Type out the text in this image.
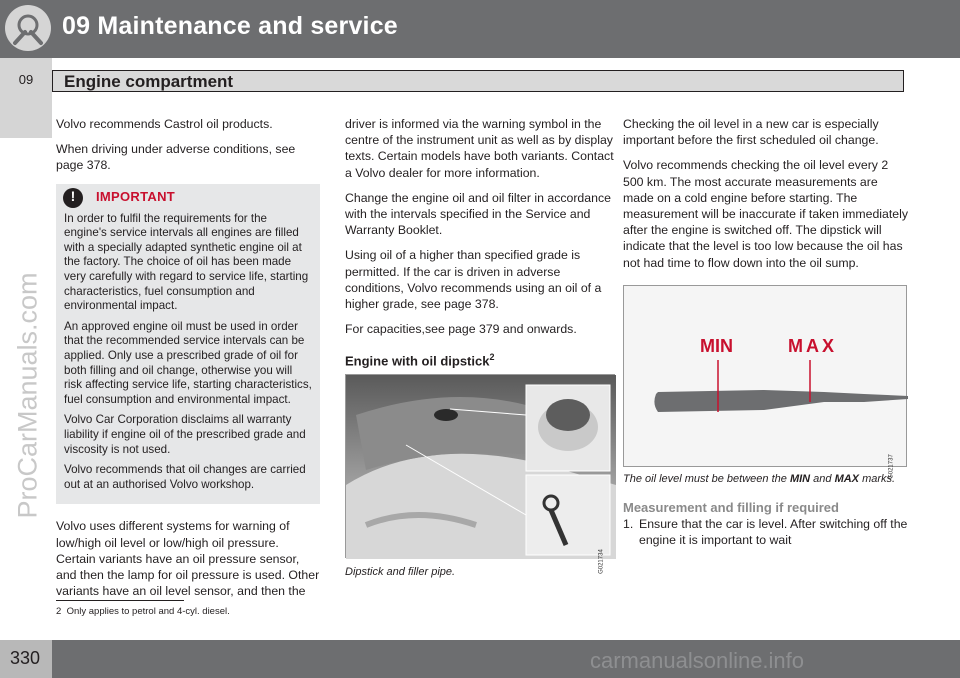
09 Maintenance and service
09	Engine compartment
ProCarManuals.com

Volvo recommends Castrol oil products.

When driving under adverse conditions, see page 378.

!
IMPORTANT

In order to fulfil the requirements for the engine's service intervals all engines are filled with a specially adapted synthetic engine oil at the factory. The choice of oil has been made very carefully with regard to service life, starting characteristics, fuel consumption and environmental impact.

An approved engine oil must be used in order that the recommended service intervals can be applied. Only use a prescribed grade of oil for both filling and oil change, otherwise you will risk affecting service life, starting characteristics, fuel consumption and environmental impact.

Volvo Car Corporation disclaims all warranty liability if engine oil of the prescribed grade and viscosity is not used.

Volvo recommends that oil changes are carried out at an authorised Volvo workshop.

Volvo uses different systems for warning of low/high oil level or low/high oil pressure. Certain variants have an oil pressure sensor, and then the lamp for oil pressure is used. Other variants have an oil level sensor, and then the

driver is informed via the warning symbol in the centre of the instrument unit as well as by display texts. Certain models have both variants. Contact a Volvo dealer for more information.

Change the engine oil and oil filter in accordance with the intervals specified in the Service and Warranty Booklet.

Using oil of a higher than specified grade is permitted. If the car is driven in adverse conditions, Volvo recommends using an oil of a higher grade, see page 378.

For capacities,see page 379 and onwards.

Engine with oil dipstick$^2$
G021734
Dipstick and filler pipe.

Checking the oil level in a new car is especially important before the first scheduled oil change.

Volvo recommends checking the oil level every 2 500 km. The most accurate measurements are made on a cold engine before starting. The measurement will be inaccurate if taken immediately after the engine is switched off. The dipstick will indicate that the level is too low because the oil has not had time to flow down into the oil sump.

MIN	MAX
G021737
The oil level must be between the MIN and MAX marks.
Measurement and filling if required
1. Ensure that the car is level. After switching off the engine it is important to wait
2 Only applies to petrol and 4-cyl. diesel.
330	carmanualsonline.info
